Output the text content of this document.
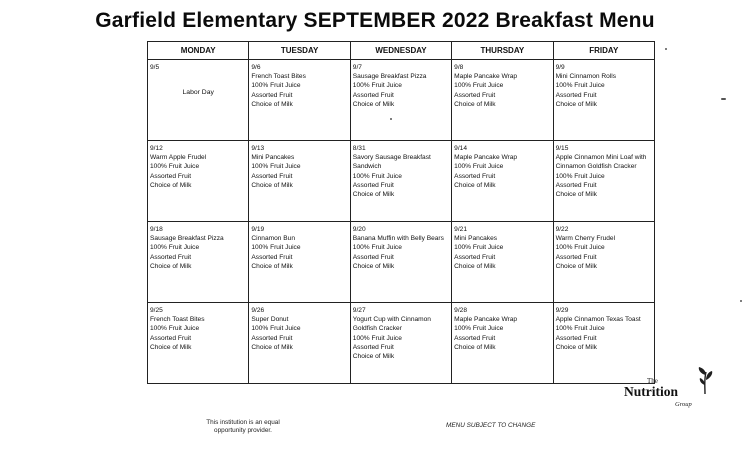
Garfield Elementary SEPTEMBER 2022 Breakfast Menu
MONDAY	TUESDAY	WEDNESDAY	THURSDAY	FRIDAY

9/5
Labor Day	9/6
French Toast Bites
100% Fruit Juice
Assorted Fruit
Choice of Milk	9/7
Sausage Breakfast Pizza
100% Fruit Juice
Assorted Fruit
Choice of Milk	9/8
Maple Pancake Wrap
100% Fruit Juice
Assorted Fruit
Choice of Milk	9/9
Mini Cinnamon Rolls
100% Fruit Juice
Assorted Fruit
Choice of Milk

9/12
Warm Apple Frudel
100% Fruit Juice
Assorted Fruit
Choice of Milk	9/13
Mini Pancakes
100% Fruit Juice
Assorted Fruit
Choice of Milk	8/31
Savory Sausage Breakfast Sandwich
100% Fruit Juice
Assorted Fruit
Choice of Milk	9/14
Maple Pancake Wrap
100% Fruit Juice
Assorted Fruit
Choice of Milk	9/15
Apple Cinnamon Mini Loaf with Cinnamon Goldfish Cracker
100% Fruit Juice
Assorted Fruit
Choice of Milk

9/18
Sausage Breakfast Pizza
100% Fruit Juice
Assorted Fruit
Choice of Milk	9/19
Cinnamon Bun
100% Fruit Juice
Assorted Fruit
Choice of Milk	9/20
Banana Muffin with Belly Bears
100% Fruit Juice
Assorted Fruit
Choice of Milk	9/21
Mini Pancakes
100% Fruit Juice
Assorted Fruit
Choice of Milk	9/22
Warm Cherry Frudel
100% Fruit Juice
Assorted Fruit
Choice of Milk

9/25
French Toast Bites
100% Fruit Juice
Assorted Fruit
Choice of Milk	9/26
Super Donut
100% Fruit Juice
Assorted Fruit
Choice of Milk	9/27
Yogurt Cup with Cinnamon Goldfish Cracker
100% Fruit Juice
Assorted Fruit
Choice of Milk	9/28
Maple Pancake Wrap
100% Fruit Juice
Assorted Fruit
Choice of Milk	9/29
Apple Cinnamon Texas Toast
100% Fruit Juice
Assorted Fruit
Choice of Milk
The
Nutrition
Group
This institution is an equal opportunity provider.
MENU SUBJECT TO CHANGE
